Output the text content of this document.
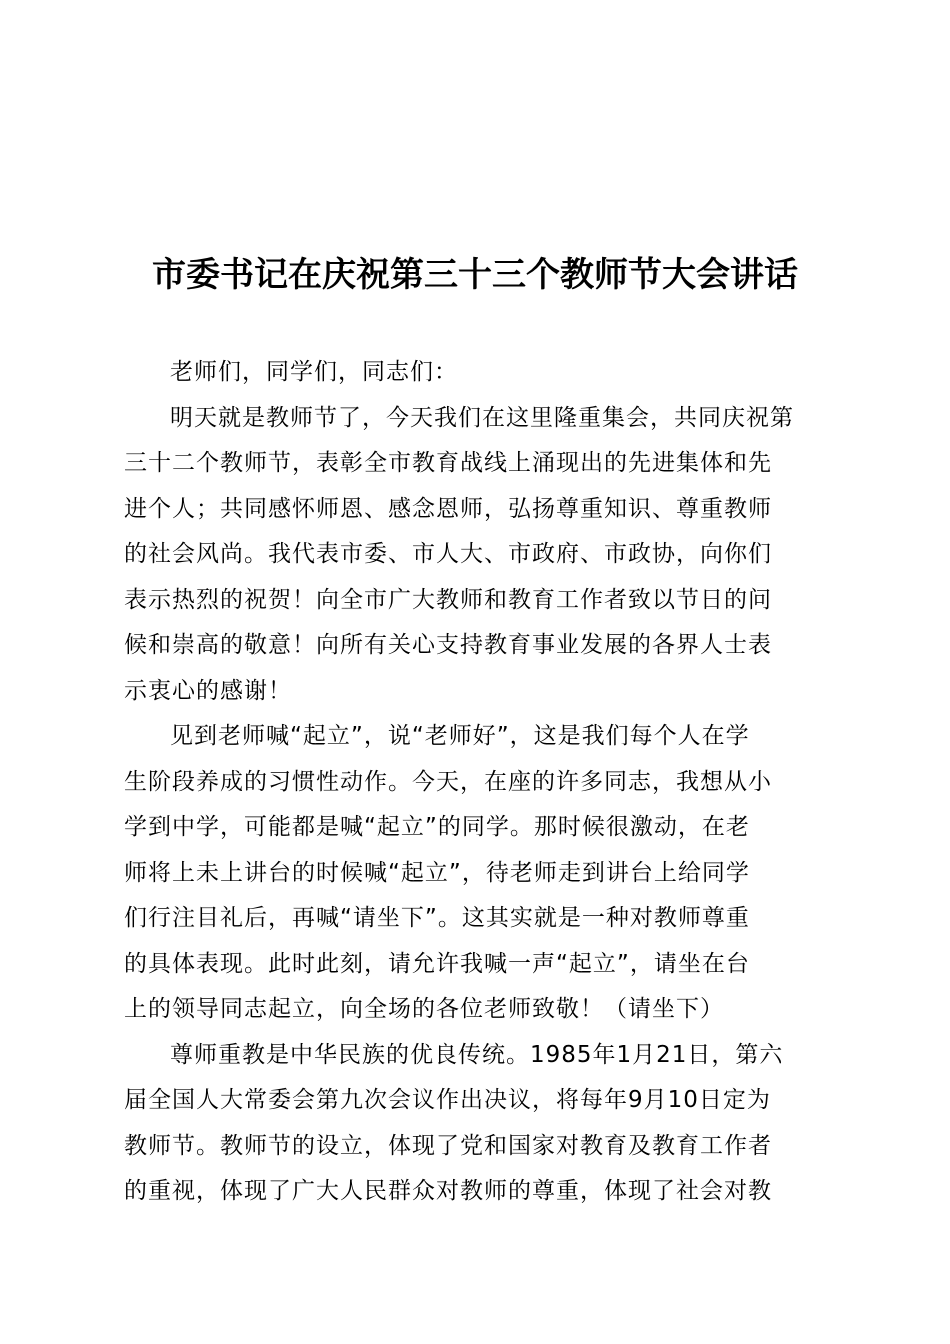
市委书记在庆祝第三十三个教师节大会讲话
老师们，同学们，同志们：
明天就是教师节了，今天我们在这里隆重集会，共同庆祝第
三十二个教师节，表彰全市教育战线上涌现出的先进集体和先
进个人；共同感怀师恩、感念恩师，弘扬尊重知识、尊重教师
的社会风尚。我代表市委、市人大、市政府、市政协，向你们
表示热烈的祝贺！向全市广大教师和教育工作者致以节日的问
候和崇高的敬意！向所有关心支持教育事业发展的各界人士表
示衷心的感谢！
见到老师喊“起立”，说“老师好”，这是我们每个人在学
生阶段养成的习惯性动作。今天，在座的许多同志，我想从小
学到中学，可能都是喊“起立”的同学。那时候很激动，在老
师将上未上讲台的时候喊“起立”，待老师走到讲台上给同学
们行注目礼后，再喊“请坐下”。这其实就是一种对教师尊重
的具体表现。此时此刻，请允许我喊一声“起立”，请坐在台
上的领导同志起立，向全场的各位老师致敬！（请坐下）
尊师重教是中华民族的优良传统。1985年1月21日，第六
届全国人大常委会第九次会议作出决议，将每年9月10日定为
教师节。教师节的设立，体现了党和国家对教育及教育工作者
的重视，体现了广大人民群众对教师的尊重，体现了社会对教
